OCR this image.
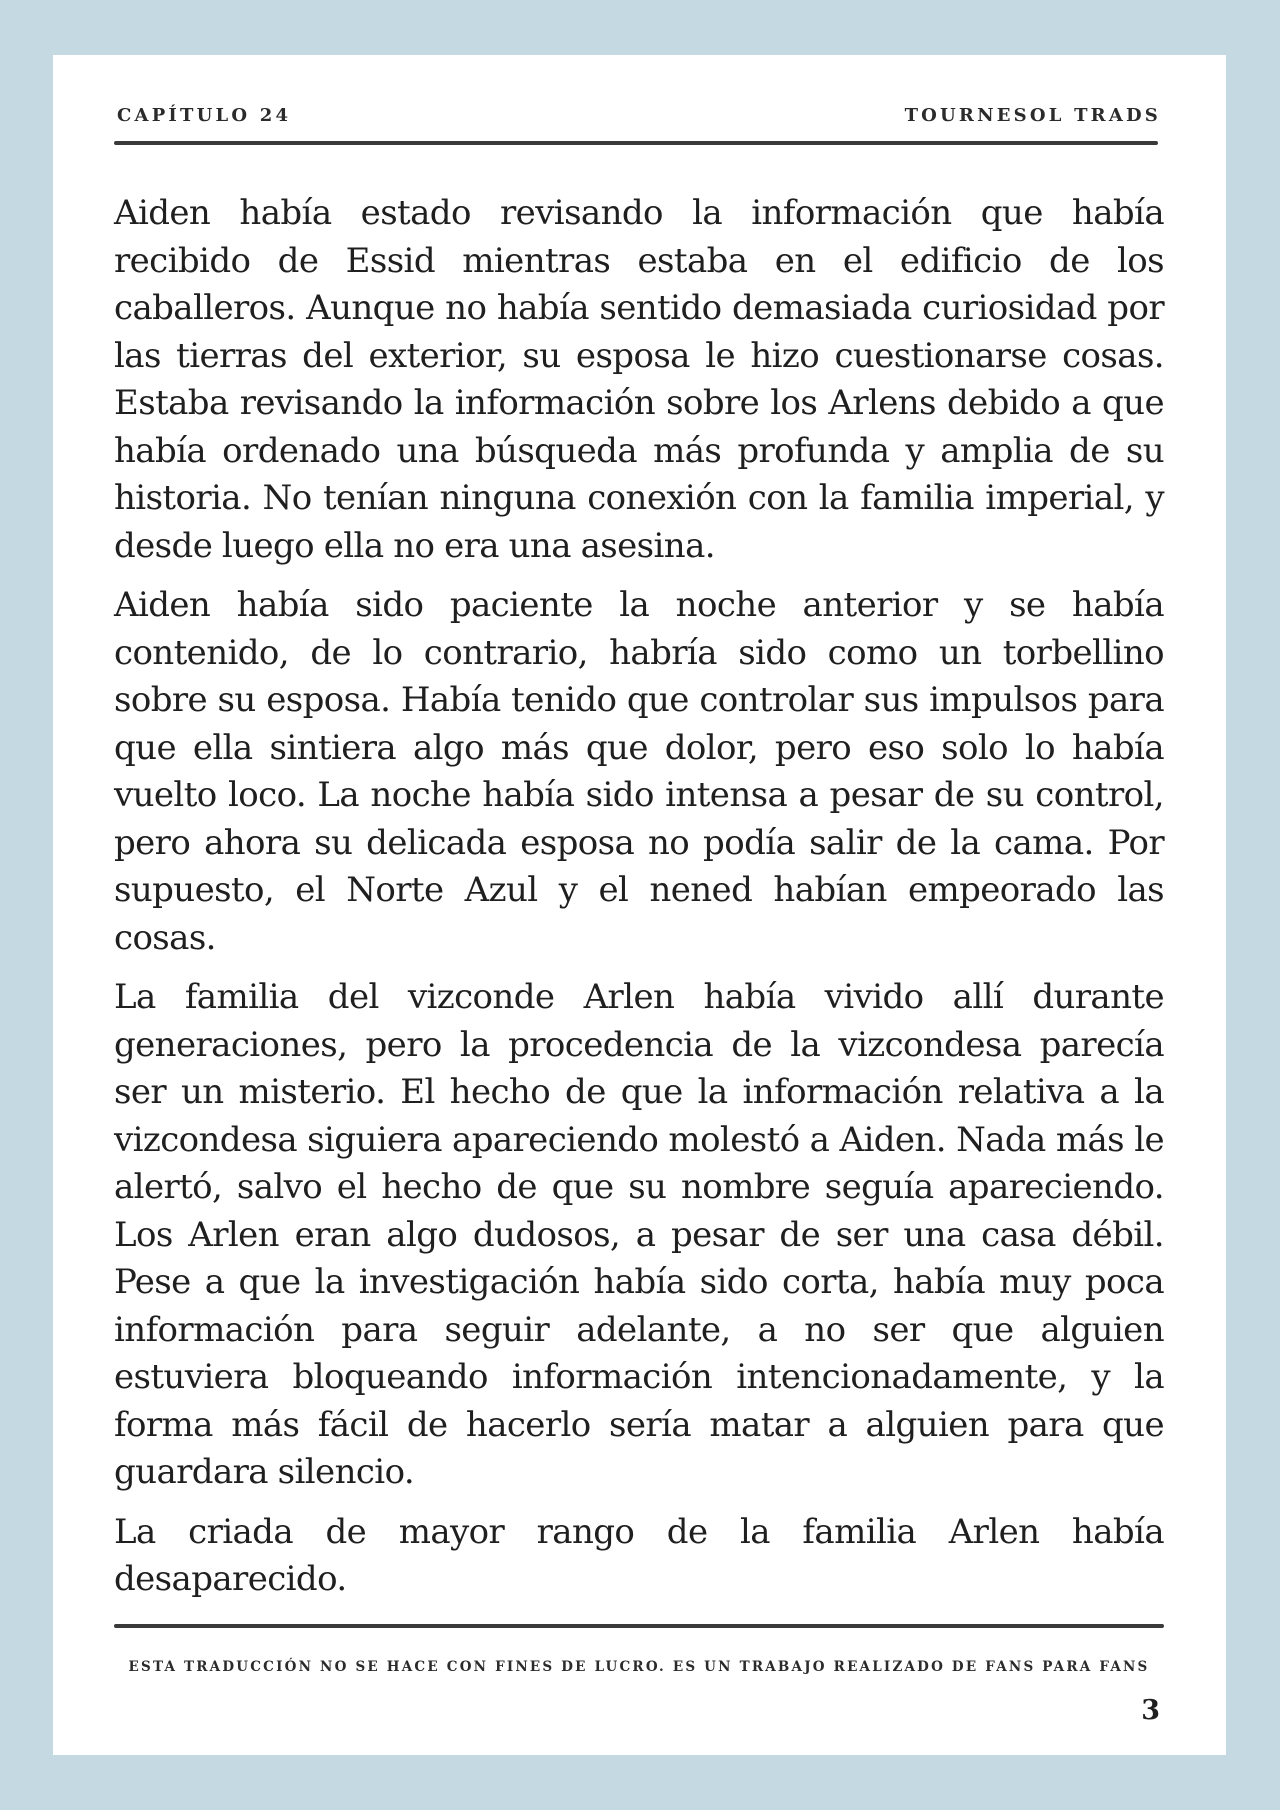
CAPÍTULO 24	TOURNESOL TRADS

Aiden había estado revisando la información que había recibido de Essid mientras estaba en el edificio de los caballeros. Aunque no había sentido demasiada curiosidad por las tierras del exterior, su esposa le hizo cuestionarse cosas. Estaba revisando la información sobre los Arlens debido a que había ordenado una búsqueda más profunda y amplia de su historia. No tenían ninguna conexión con la familia imperial, y desde luego ella no era una asesina.

Aiden había sido paciente la noche anterior y se había contenido, de lo contrario, habría sido como un torbellino sobre su esposa. Había tenido que controlar sus impulsos para que ella sintiera algo más que dolor, pero eso solo lo había vuelto loco. La noche había sido intensa a pesar de su control, pero ahora su delicada esposa no podía salir de la cama. Por supuesto, el Norte Azul y el nened habían empeorado las cosas.

La familia del vizconde Arlen había vivido allí durante generaciones, pero la procedencia de la vizcondesa parecía ser un misterio. El hecho de que la información relativa a la vizcondesa siguiera apareciendo molestó a Aiden. Nada más le alertó, salvo el hecho de que su nombre seguía apareciendo. Los Arlen eran algo dudosos, a pesar de ser una casa débil. Pese a que la investigación había sido corta, había muy poca información para seguir adelante, a no ser que alguien estuviera bloqueando información intencionadamente, y la forma más fácil de hacerlo sería matar a alguien para que guardara silencio.

La criada de mayor rango de la familia Arlen había desaparecido.

ESTA TRADUCCIÓN NO SE HACE CON FINES DE LUCRO. ES UN TRABAJO REALIZADO DE FANS PARA FANS
3
